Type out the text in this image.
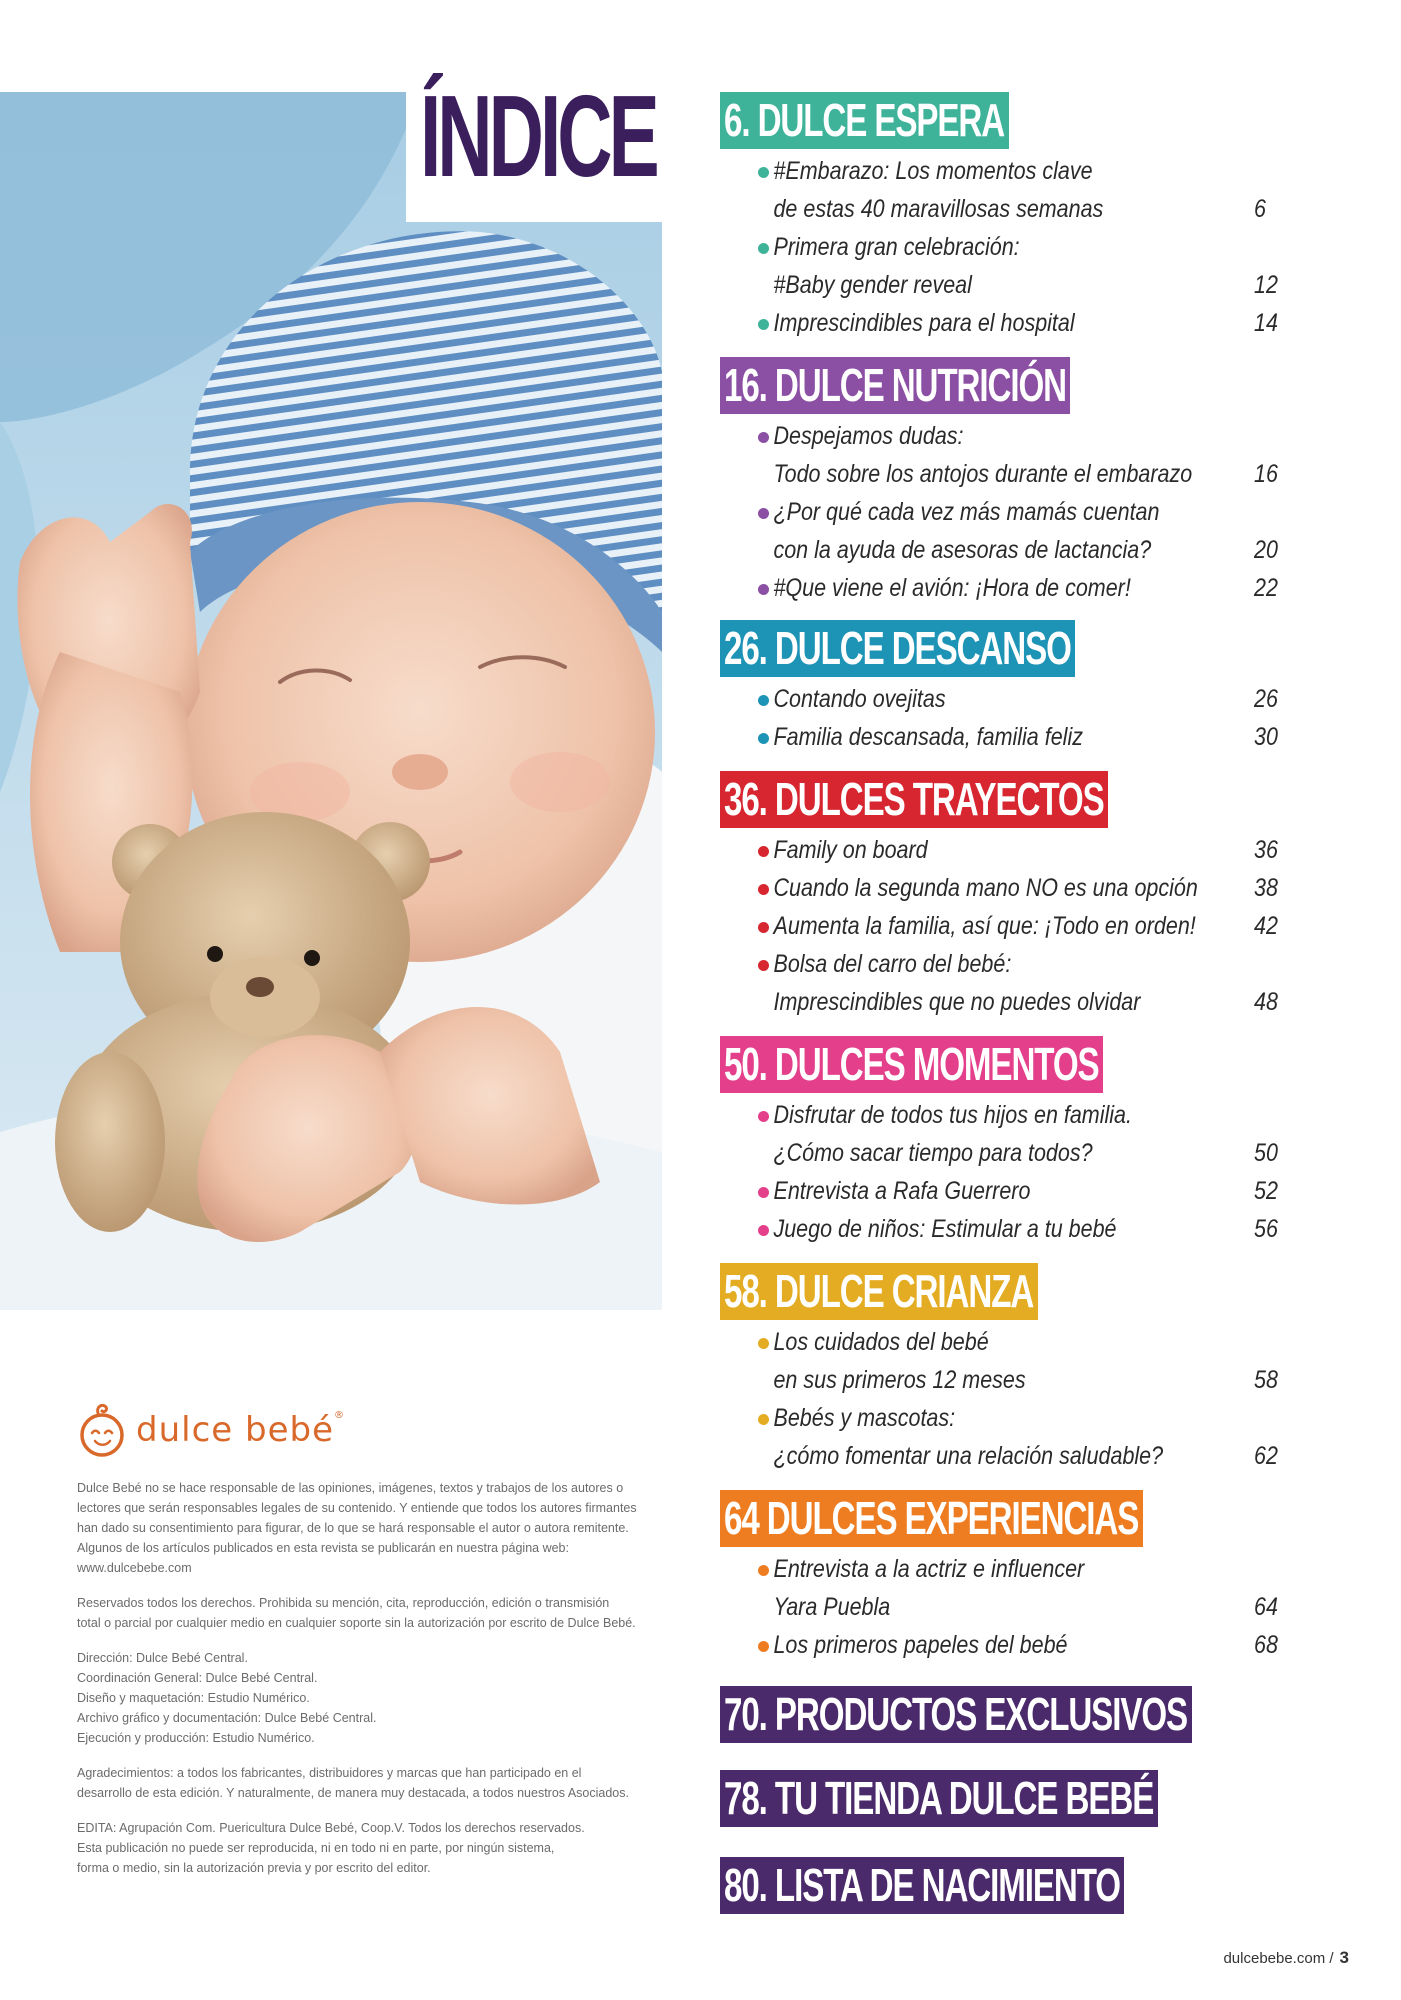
ÍNDICE
dulce bebé®

Dulce Bebé no se hace responsable de las opiniones, imágenes, textos y trabajos de los autores o
lectores que serán responsables legales de su contenido. Y entiende que todos los autores firmantes
han dado su consentimiento para figurar, de lo que se hará responsable el autor o autora remitente.
Algunos de los artículos publicados en esta revista se publicarán en nuestra página web:
www.dulcebebe.com

Reservados todos los derechos. Prohibida su mención, cita, reproducción, edición o transmisión
total o parcial por cualquier medio en cualquier soporte sin la autorización por escrito de Dulce Bebé.

Dirección: Dulce Bebé Central.
Coordinación General: Dulce Bebé Central.
Diseño y maquetación: Estudio Numérico.
Archivo gráfico y documentación: Dulce Bebé Central.
Ejecución y producción: Estudio Numérico.

Agradecimientos: a todos los fabricantes, distribuidores y marcas que han participado en el
desarrollo de esta edición. Y naturalmente, de manera muy destacada, a todos nuestros Asociados.

EDITA: Agrupación Com. Puericultura Dulce Bebé, Coop.V. Todos los derechos reservados.
Esta publicación no puede ser reproducida, ni en todo ni en parte, por ningún sistema,
forma o medio, sin la autorización previa y por escrito del editor.

6. DULCE ESPERA
#Embarazo: Los momentos clave
de estas 40 maravillosas semanas	6
Primera gran celebración:
#Baby gender reveal	12
Imprescindibles para el hospital	14
16. DULCE NUTRICIÓN
Despejamos dudas:
Todo sobre los antojos durante el embarazo	16
¿Por qué cada vez más mamás cuentan
con la ayuda de asesoras de lactancia?	20
#Que viene el avión: ¡Hora de comer!	22
26. DULCE DESCANSO
Contando ovejitas	26
Familia descansada, familia feliz	30
36. DULCES TRAYECTOS
Family on board	36
Cuando la segunda mano NO es una opción	38
Aumenta la familia, así que: ¡Todo en orden!	42
Bolsa del carro del bebé:
Imprescindibles que no puedes olvidar	48
50. DULCES MOMENTOS
Disfrutar de todos tus hijos en familia.
¿Cómo sacar tiempo para todos?	50
Entrevista a Rafa Guerrero	52
Juego de niños: Estimular a tu bebé	56
58. DULCE CRIANZA
Los cuidados del bebé
en sus primeros 12 meses	58
Bebés y mascotas:
¿cómo fomentar una relación saludable?	62
64 DULCES EXPERIENCIAS
Entrevista a la actriz e influencer
Yara Puebla	64
Los primeros papeles del bebé	68
70. PRODUCTOS EXCLUSIVOS
78. TU TIENDA DULCE BEBÉ
80. LISTA DE NACIMIENTO
dulcebebe.com / 3
